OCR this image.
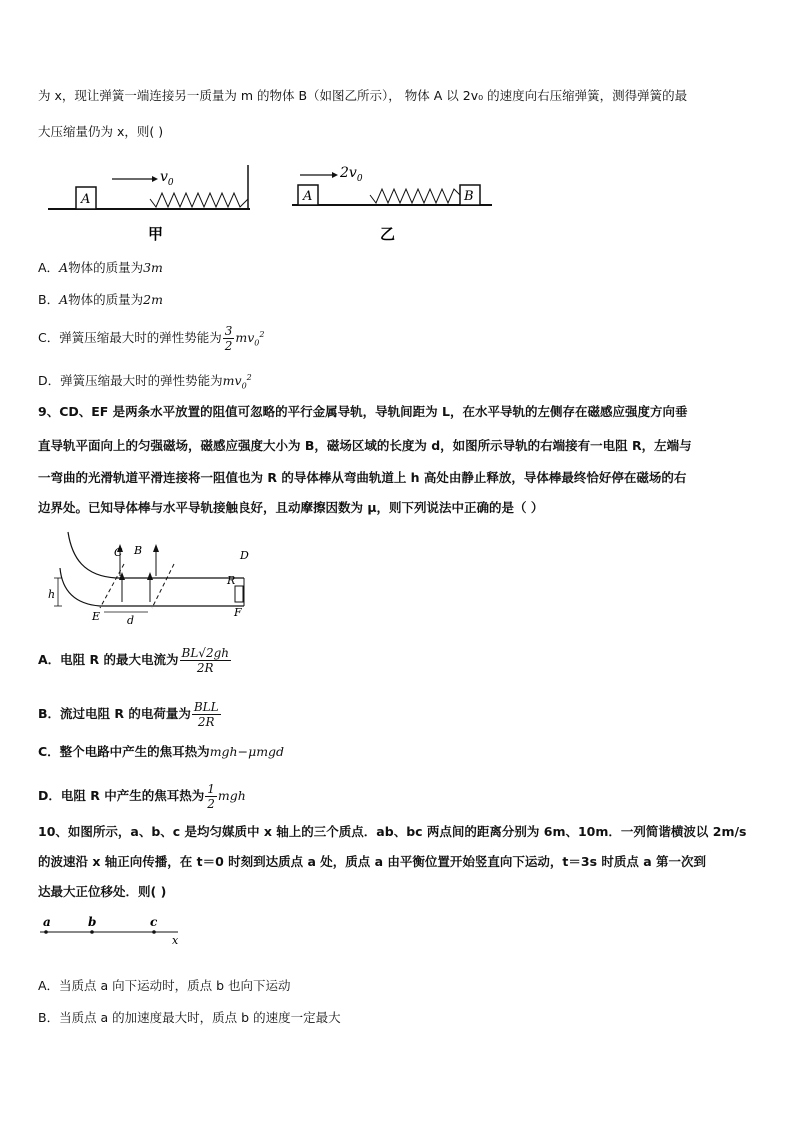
为 x，现让弹簧一端连接另一质量为 m 的物体 B（如图乙所示）， 物体 A 以 2v₀ 的速度向右压缩弹簧，测得弹簧的最
大压缩量仍为 x，则( )
A
$v_0$
甲
A
$2v_0$
B
乙
A．A物体的质量为3m
B．A物体的质量为2m
C．弹簧压缩最大时的弹性势能为 $\frac{3}{2} mv_0^2$
D．弹簧压缩最大时的弹性势能为$mv_0^2$
9、CD、EF 是两条水平放置的阻值可忽略的平行金属导轨，导轨间距为 L，在水平导轨的左侧存在磁感应强度方向垂
直导轨平面向上的匀强磁场，磁感应强度大小为 B，磁场区域的长度为 d，如图所示导轨的右端接有一电阻 R，左端与
一弯曲的光滑轨道平滑连接将一阻值也为 R 的导体棒从弯曲轨道上 h 高处由静止释放，导体棒最终恰好停在磁场的右
边界处。已知导体棒与水平导轨接触良好，且动摩擦因数为 μ，则下列说法中正确的是（ ）
C B	D
R
h
E d
F
A．电阻 R 的最大电流为 $\frac{BL√2gh}{2R}$
B．流过电阻 R 的电荷量为 $\frac{\text{BLL}}{2R}$
C．整个电路中产生的焦耳热为mgh−μmgd
D．电阻 R 中产生的焦耳热为 $\frac{1}{2}$ mgh
10、如图所示，a、b、c 是均匀媒质中 x 轴上的三个质点．ab、bc 两点间的距离分别为 6m、10m．一列简谐横波以 2m/s
的波速沿 x 轴正向传播，在 t＝0 时刻到达质点 a 处，质点 a 由平衡位置开始竖直向下运动，t＝3s 时质点 a 第一次到
达最大正位移处．则( )
a	b	c
x
A．当质点 a 向下运动时，质点 b 也向下运动
B．当质点 a 的加速度最大时，质点 b 的速度一定最大
